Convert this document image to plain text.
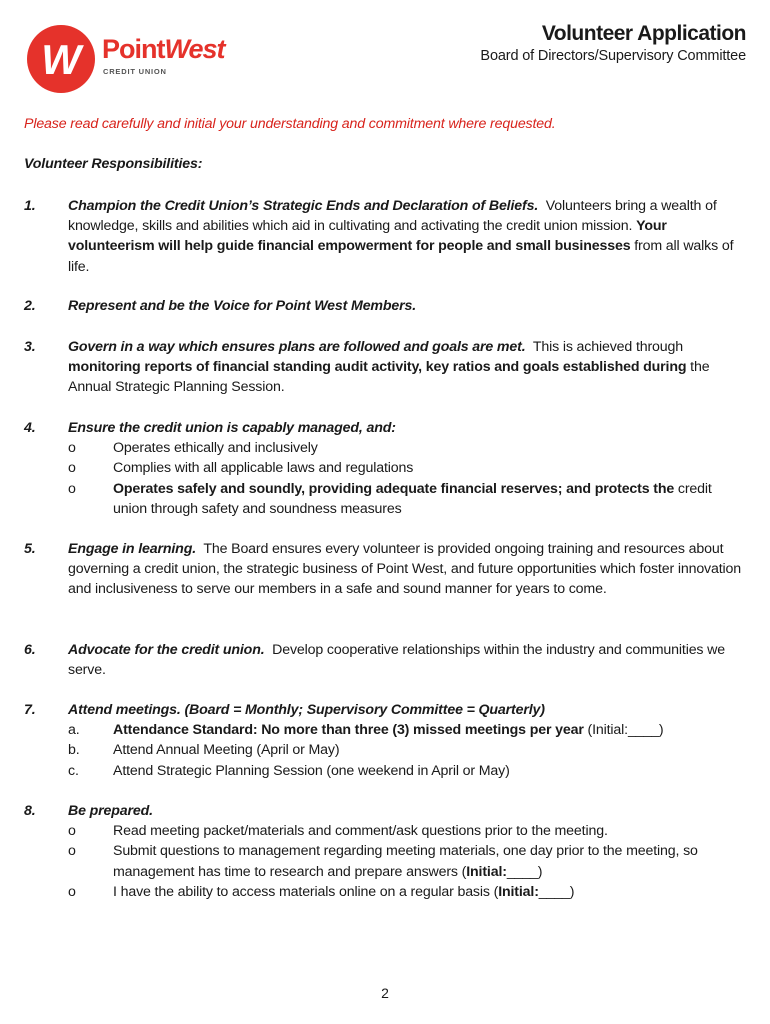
W PointWest
CREDIT UNION
Volunteer Application
Board of Directors/Supervisory Committee
Please read carefully and initial your understanding and commitment where requested.
Volunteer Responsibilities:
1. Champion the Credit Union’s Strategic Ends and Declaration of Beliefs. Volunteers bring a wealth of knowledge, skills and abilities which aid in cultivating and activating the credit union mission. Your volunteerism will help guide financial empowerment for people and small businesses from all walks of life.
2. Represent and be the Voice for Point West Members.
3. Govern in a way which ensures plans are followed and goals are met. This is achieved through monitoring reports of financial standing audit activity, key ratios and goals established during the Annual Strategic Planning Session.
4. Ensure the credit union is capably managed, and:
o	Operates ethically and inclusively
o	Complies with all applicable laws and regulations
o	Operates safely and soundly, providing adequate financial reserves; and protects the credit union through safety and soundness measures
5. Engage in learning. The Board ensures every volunteer is provided ongoing training and resources about governing a credit union, the strategic business of Point West, and future opportunities which foster innovation and inclusiveness to serve our members in a safe and sound manner for years to come.
6. Advocate for the credit union. Develop cooperative relationships within the industry and communities we serve.
7. Attend meetings. (Board = Monthly; Supervisory Committee = Quarterly)
a. Attendance Standard: No more than three (3) missed meetings per year (Initial:____)
b. Attend Annual Meeting (April or May)
c. Attend Strategic Planning Session (one weekend in April or May)
8. Be prepared.
o	Read meeting packet/materials and comment/ask questions prior to the meeting.
o	Submit questions to management regarding meeting materials, one day prior to the meeting, so management has time to research and prepare answers (Initial:____)
o	I have the ability to access materials online on a regular basis (Initial:____)
2
